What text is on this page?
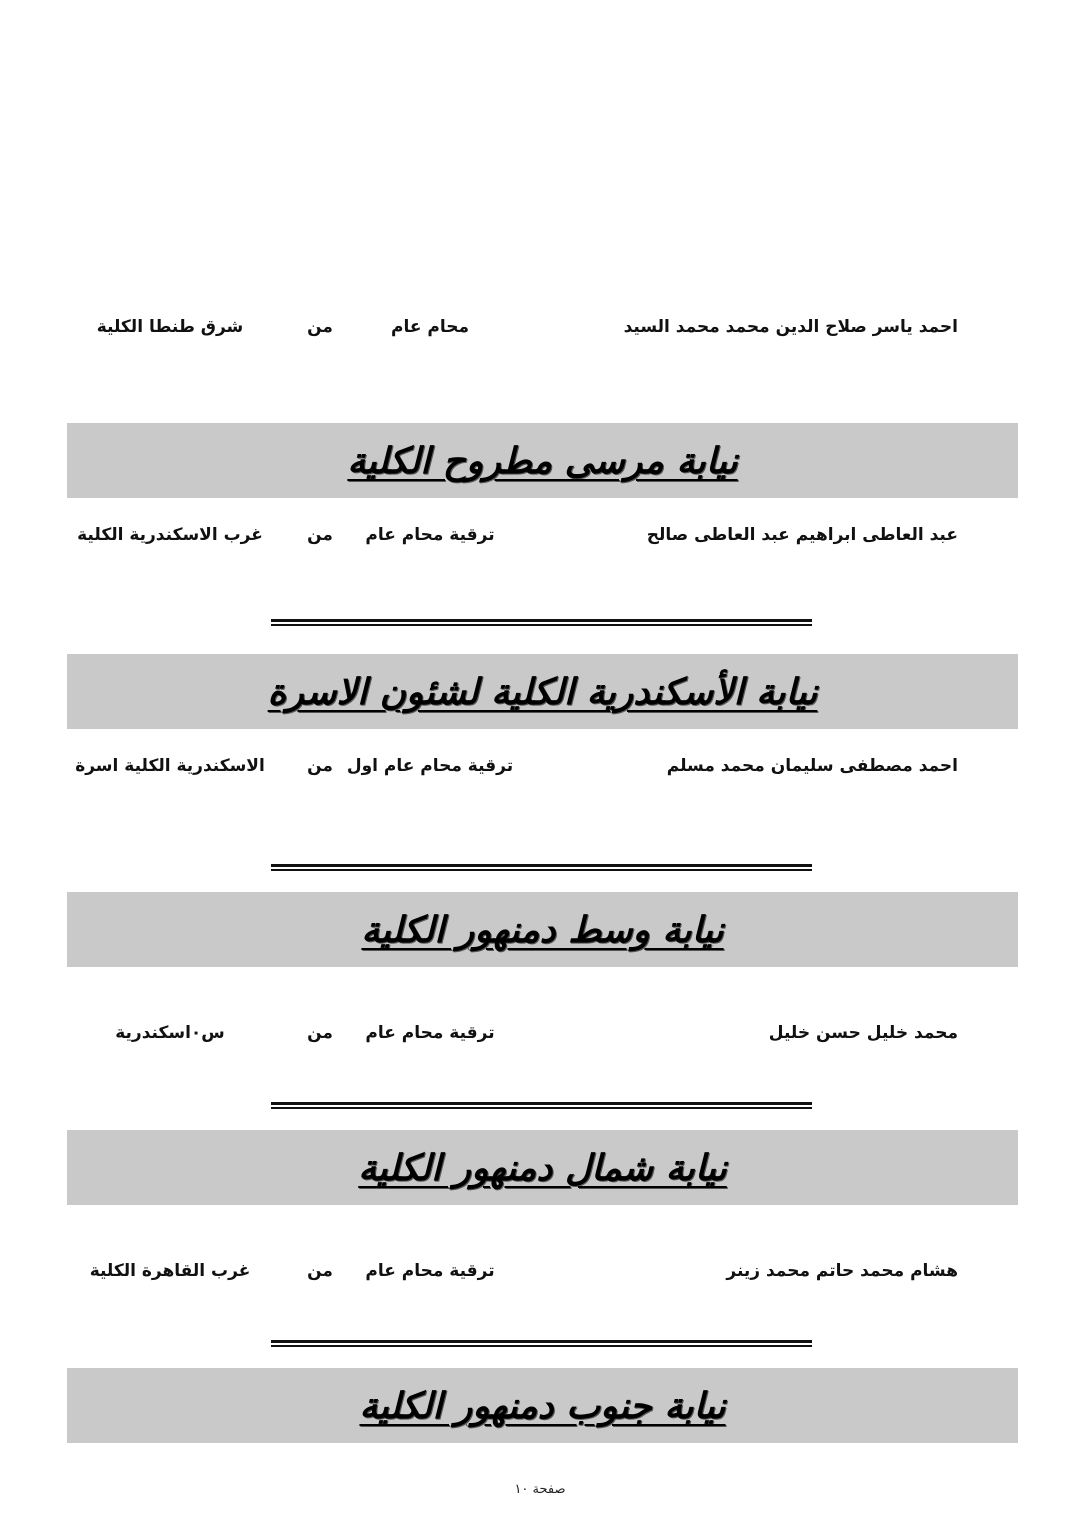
احمد ياسر صلاح الدين محمد محمد السيد
محام عام
من
شرق طنطا الكلية
نيابة مرسى مطروح الكلية
عبد العاطى ابراهيم عبد العاطى صالح
ترقية محام عام
من
غرب الاسكندرية الكلية
نيابة الأسكندرية الكلية لشئون الاسرة
احمد مصطفى سليمان محمد مسلم
ترقية محام عام اول
من
الاسكندرية الكلية اسرة
نيابة وسط دمنهور الكلية
محمد خليل حسن خليل
ترقية محام عام
من
س٠اسكندرية
نيابة شمال دمنهور الكلية
هشام محمد حاتم محمد زينر
ترقية محام عام
من
غرب القاهرة الكلية
نيابة جنوب دمنهور الكلية
صفحة ١٠
